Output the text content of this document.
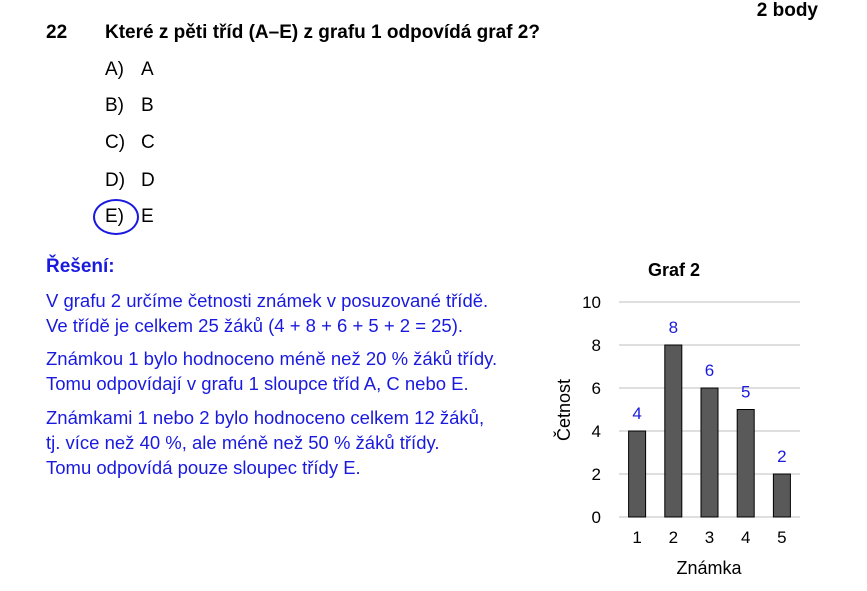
2 body
22 Které z pěti tříd (A–E) z grafu 1 odpovídá graf 2?
A) A
B) B
C) C
D) D
E) E
Řešení:
V grafu 2 určíme četnosti známek v posuzované třídě.
Ve třídě je celkem 25 žáků (4 + 8 + 6 + 5 + 2 = 25).
Známkou 1 bylo hodnoceno méně než 20 % žáků třídy.
Tomu odpovídají v grafu 1 sloupce tříd A, C nebo E.
Známkami 1 nebo 2 bylo hodnoceno celkem 12 žáků,
tj. více než 40 %, ale méně než 50 % žáků třídy.
Tomu odpovídá pouze sloupec třídy E.
Graf 2
Četnost
Známka
0
2
4
6
8
10
4
1
8
2
6
3
5
4
2
5
